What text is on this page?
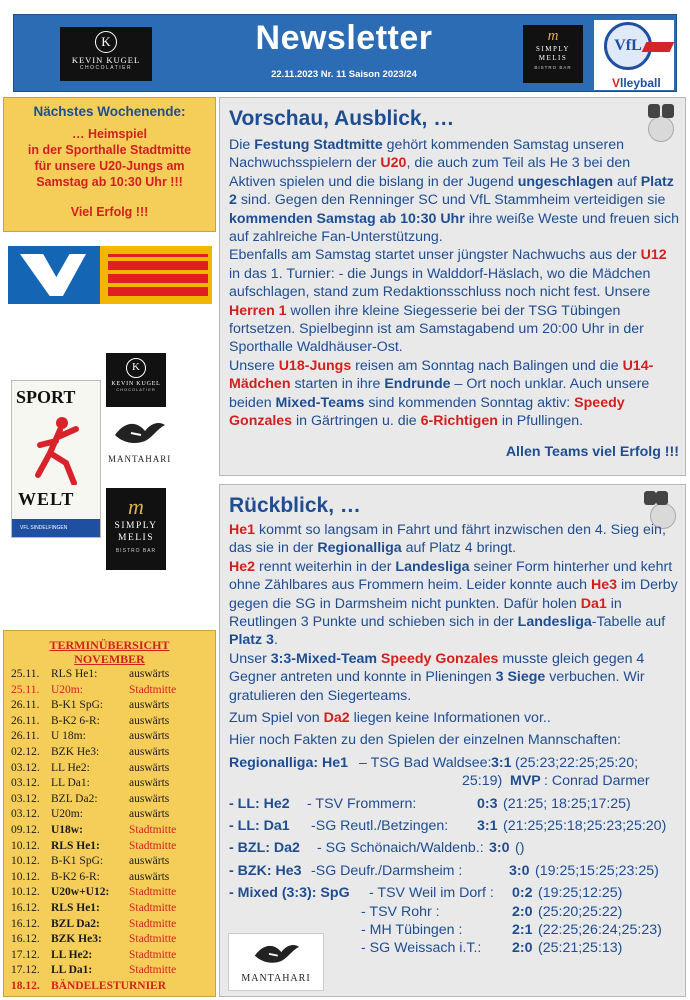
K
KEVIN KUGEL
CHOCOLATIER
Newsletter
22.11.2023 Nr. 11 Saison 2023/24
m
SIMPLY
MELIS
BISTRO BAR
VfL
Vlleyball
Nächstes Wochenende:
… Heimspiel
in der Sporthalle Stadtmitte
für unsere U20-Jungs am
Samstag ab 10:30 Uhr !!!
Viel Erfolg !!!
K
KEVIN KUGEL
CHOCOLATIER
SPORT
WELT
VFL SINDELFINGEN
MANTAHARI
m
SIMPLY
MELIS
BISTRO BAR
TERMINÜBERSICHT
NOVEMBER
25.11. RLS He1:	auswärts
25.11. U20m:	Stadtmitte
26.11. B-K1 SpG: auswärts
26.11. B-K2 6-R:	auswärts
26.11. U 18m:	auswärts
02.12. BZK He3:	auswärts
03.12. LL He2:	auswärts
03.12. LL Da1:	auswärts
03.12. BZL Da2:	auswärts
03.12. U20m:	auswärts
09.12. U18w:	Stadtmitte
10.12. RLS He1:	Stadtmitte
10.12. B-K1 SpG: auswärts
10.12. B-K2 6-R:	auswärts
10.12. U20w+U12: Stadtmitte
16.12. RLS He1:	Stadtmitte
16.12. BZL Da2:	Stadtmitte
16.12. BZK He3: Stadtmitte
17.12. LL He2:	Stadtmitte
17.12. LL Da1:	Stadtmitte
18.12. BÄNDELESTURNIER
Vorschau, Ausblick, …

Die Festung Stadtmitte gehört kommenden Samstag unseren Nachwuchsspielern der U20, die auch zum Teil als He 3 bei den Aktiven spielen und die bislang in der Jugend ungeschlagen auf Platz 2 sind. Gegen den Renninger SC und VfL Stammheim verteidigen sie kommenden Samstag ab 10:30 Uhr ihre weiße Weste und freuen sich auf zahlreiche Fan-Unterstützung.

Ebenfalls am Samstag startet unser jüngster Nachwuchs aus der U12 in das 1. Turnier: - die Jungs in Walddorf-Häslach, wo die Mädchen aufschlagen, stand zum Redaktionsschluss noch nicht fest. Unsere Herren 1 wollen ihre kleine Siegesserie bei der TSG Tübingen fortsetzen. Spielbeginn ist am Samstagabend um 20:00 Uhr in der Sporthalle Waldhäuser-Ost.

Unsere U18-Jungs reisen am Sonntag nach Balingen und die U14-Mädchen starten in ihre Endrunde – Ort noch unklar. Auch unsere beiden Mixed-Teams sind kommenden Sonntag aktiv: Speedy Gonzales in Gärtringen u. die 6-Richtigen in Pfullingen.

Allen Teams viel Erfolg !!!

Rückblick, …

He1 kommt so langsam in Fahrt und fährt inzwischen den 4. Sieg ein, das sie in der Regionalliga auf Platz 4 bringt.

He2 rennt weiterhin in der Landesliga seiner Form hinterher und kehrt ohne Zählbares aus Frommern heim. Leider konnte auch He3 im Derby gegen die SG in Darmsheim nicht punkten. Dafür holen Da1 in Reutlingen 3 Punkte und schieben sich in der Landesliga-Tabelle auf Platz 3.

Unser 3:3-Mixed-Team Speedy Gonzales musste gleich gegen 4 Gegner antreten und konnte in Plieningen 3 Siege verbuchen. Wir gratulieren den Siegerteams.

Zum Spiel von Da2 liegen keine Informationen vor..

Hier noch Fakten zu den Spielen der einzelnen Mannschaften:

Regionalliga: He1 – TSG Bad Waldsee: 3:1 (25:23;22:25;25:20;
25:19) MVP : Conrad Darmer
- LL: He2 - TSV Frommern:	0:3 (21:25; 18:25;17:25)
- LL: Da1 -SG Reutl./Betzingen: 3:1 (21:25;25:18;25:23;25:20)
- BZL: Da2 - SG Schönaich/Waldenb.: 3:0 ()
- BZK: He3 -SG Deufr./Darmsheim :	3:0 (19:25;15:25;23:25)
- Mixed (3:3): SpG - TSV Weil im Dorf : 0:2 (19:25;12:25)
- TSV Rohr :	2:0 (25:20;25:22)
- MH Tübingen :	2:1 (22:25;26:24;25:23)
- SG Weissach i.T.: 2:0 (25:21;25:13)
MANTAHARI
